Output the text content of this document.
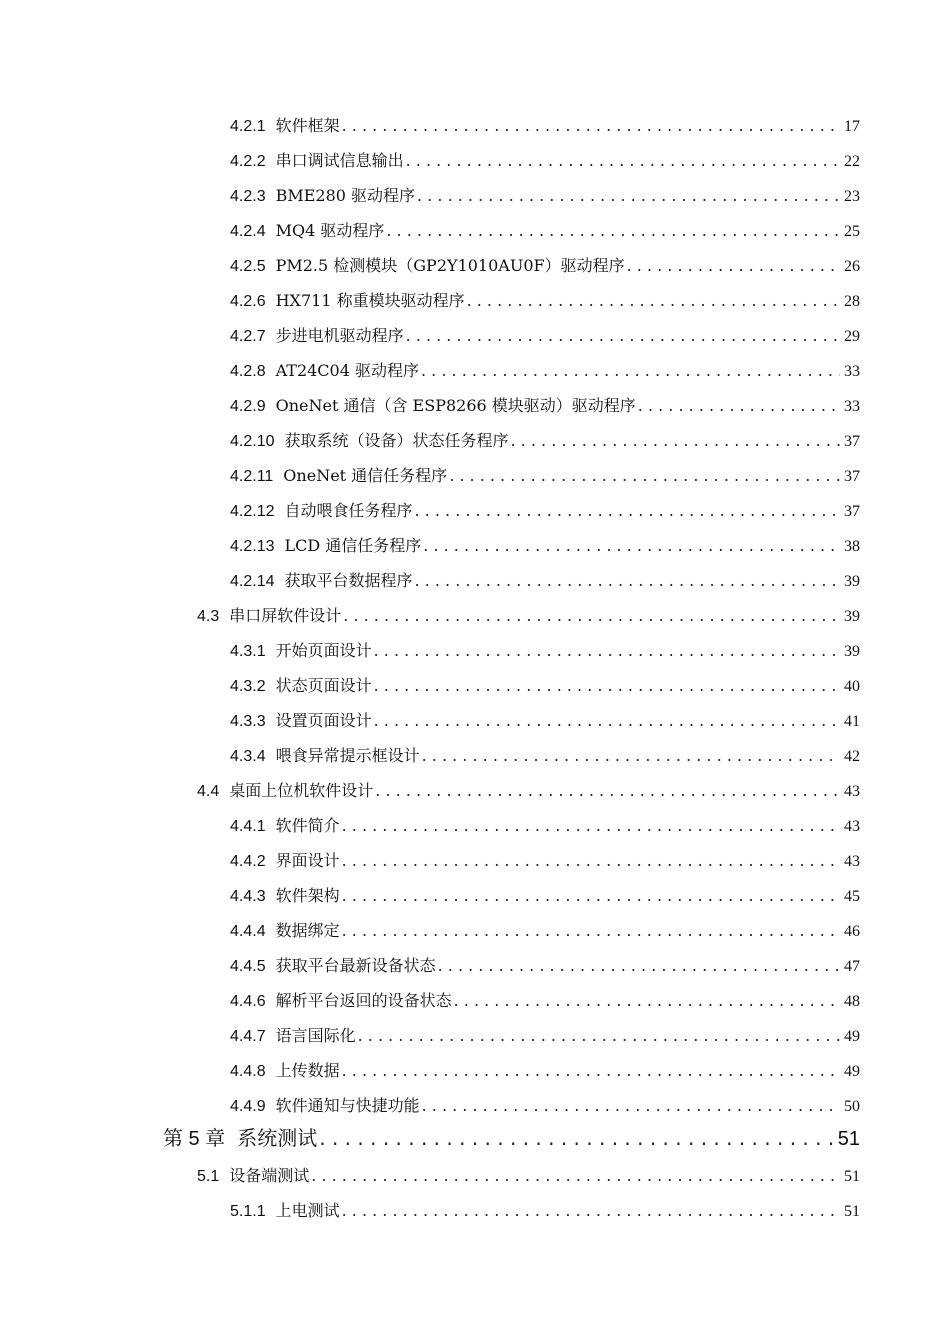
4.2.1 软件框架 . . .	17
4.2.2 串口调试信息输出 . . .	22
4.2.3 BME280 驱动程序 . . .	23
4.2.4 MQ4 驱动程序 . . .	25
4.2.5 PM2.5 检测模块（GP2Y1010AU0F）驱动程序 . . .	26
4.2.6 HX711 称重模块驱动程序 . . .	28
4.2.7 步进电机驱动程序 . . .	29
4.2.8 AT24C04 驱动程序 . . .	33
4.2.9 OneNet 通信（含 ESP8266 模块驱动）驱动程序 . . .	33
4.2.10 获取系统（设备）状态任务程序 . . .	37
4.2.11 OneNet 通信任务程序 . . .	37
4.2.12 自动喂食任务程序 . . .	37
4.2.13 LCD 通信任务程序 . . .	38
4.2.14 获取平台数据程序 . . .	39
4.3 串口屏软件设计 . . .	39
4.3.1 开始页面设计 . . .	39
4.3.2 状态页面设计 . . .	40
4.3.3 设置页面设计 . . .	41
4.3.4 喂食异常提示框设计 . . .	42
4.4 桌面上位机软件设计 . . .	43
4.4.1 软件简介 . . .	43
4.4.2 界面设计 . . .	43
4.4.3 软件架构 . . .	45
4.4.4 数据绑定 . . .	46
4.4.5 获取平台最新设备状态 . . .	47
4.4.6 解析平台返回的设备状态 . . .	48
4.4.7 语言国际化 . . .	49
4.4.8 上传数据 . . .	49
4.4.9 软件通知与快捷功能 . . .	50
第 5 章 系统测试 . . .	51
5.1 设备端测试 . . .	51
5.1.1 上电测试 . . .	51
